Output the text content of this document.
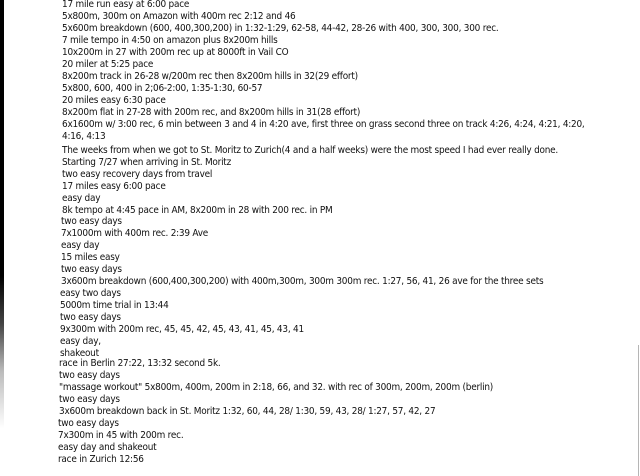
17 mile run easy at 6:00 pace
5x800m, 300m on Amazon with 400m rec 2:12 and 46
5x600m breakdown (600, 400,300,200) in 1:32-1:29, 62-58, 44-42, 28-26 with 400, 300, 300, 300 rec.
7 mile tempo in 4:50 on amazon plus 8x200m hills
10x200m in 27 with 200m rec up at 8000ft in Vail CO
20 miler at 5:25 pace
8x200m track in 26-28 w/200m rec then 8x200m hills in 32(29 effort)
5x800, 600, 400 in 2;06-2:00, 1:35-1:30, 60-57
20 miles easy 6:30 pace
8x200m flat in 27-28 with 200m rec, and 8x200m hills in 31(28 effort)
6x1600m w/ 3:00 rec, 6 min between 3 and 4 in 4:20 ave, first three on grass second three on track 4:26, 4:24, 4:21, 4:20,
4:16, 4:13
The weeks from when we got to St. Moritz to Zurich(4 and a half weeks) were the most speed I had ever really done.
Starting 7/27 when arriving in St. Moritz
two easy recovery days from travel
17 miles easy 6:00 pace
easy day
8k tempo at 4:45 pace in AM, 8x200m in 28 with 200 rec. in PM
two easy days
7x1000m with 400m rec. 2:39 Ave
easy day
15 miles easy
two easy days
3x600m breakdown (600,400,300,200) with 400m,300m, 300m 300m rec. 1:27, 56, 41, 26 ave for the three sets
easy two days
5000m time trial in 13:44
two easy days
9x300m with 200m rec, 45, 45, 42, 45, 43, 41, 45, 43, 41
easy day,
shakeout
race in Berlin 27:22, 13:32 second 5k.
two easy days
"massage workout" 5x800m, 400m, 200m in 2:18, 66, and 32. with rec of 300m, 200m, 200m (berlin)
two easy days
3x600m breakdown back in St. Moritz 1:32, 60, 44, 28/ 1:30, 59, 43, 28/ 1:27, 57, 42, 27
two easy days
7x300m in 45 with 200m rec.
easy day and shakeout
race in Zurich 12:56
